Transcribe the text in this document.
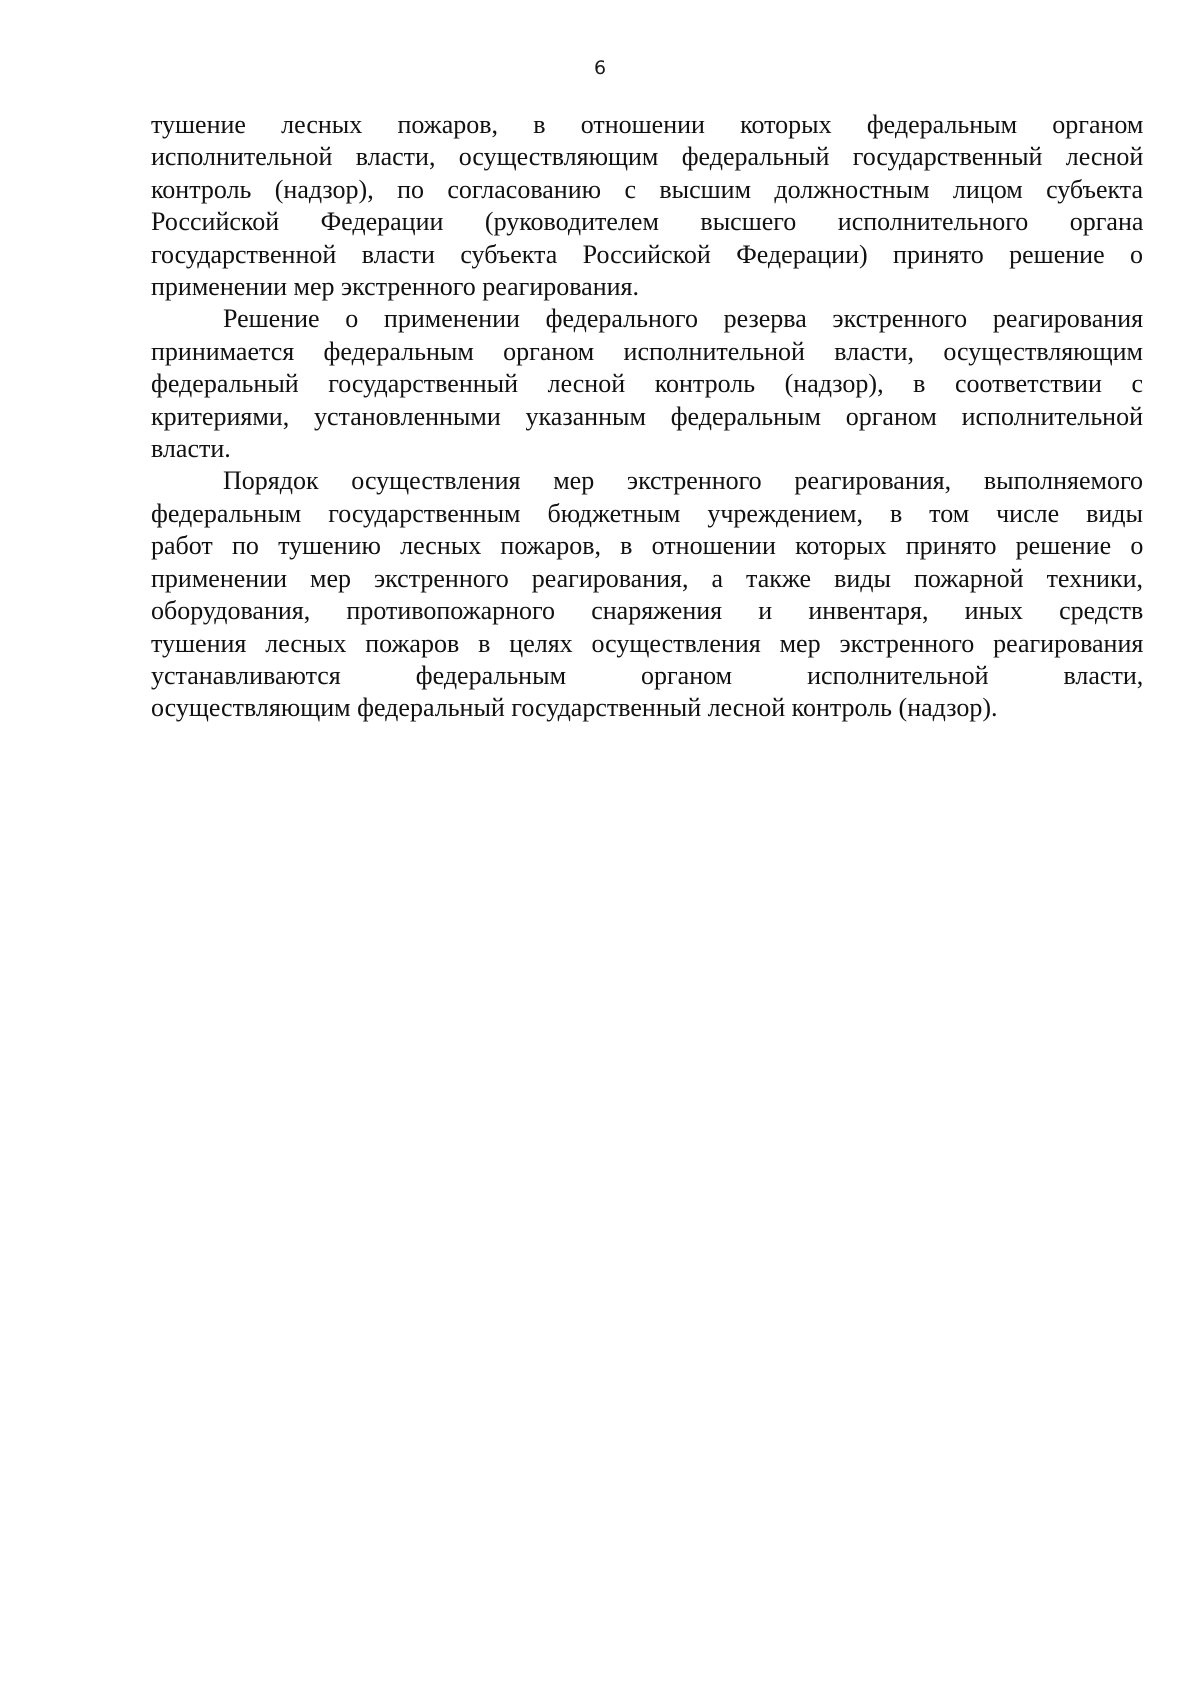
6

тушение лесных пожаров, в отношении которых федеральным органом
исполнительной власти, осуществляющим федеральный государственный лесной
контроль (надзор), по согласованию с высшим должностным лицом субъекта
Российской Федерации (руководителем высшего исполнительного органа
государственной власти субъекта Российской Федерации) принято решение о
применении мер экстренного реагирования.

Решение о применении федерального резерва экстренного реагирования
принимается федеральным органом исполнительной власти, осуществляющим
федеральный государственный лесной контроль (надзор), в соответствии с
критериями, установленными указанным федеральным органом исполнительной
власти.

Порядок осуществления мер экстренного реагирования, выполняемого
федеральным государственным бюджетным учреждением, в том числе виды
работ по тушению лесных пожаров, в отношении которых принято решение о
применении мер экстренного реагирования, а также виды пожарной техники,
оборудования, противопожарного снаряжения и инвентаря, иных средств
тушения лесных пожаров в целях осуществления мер экстренного реагирования
устанавливаются федеральным органом исполнительной власти,
осуществляющим федеральный государственный лесной контроль (надзор).
